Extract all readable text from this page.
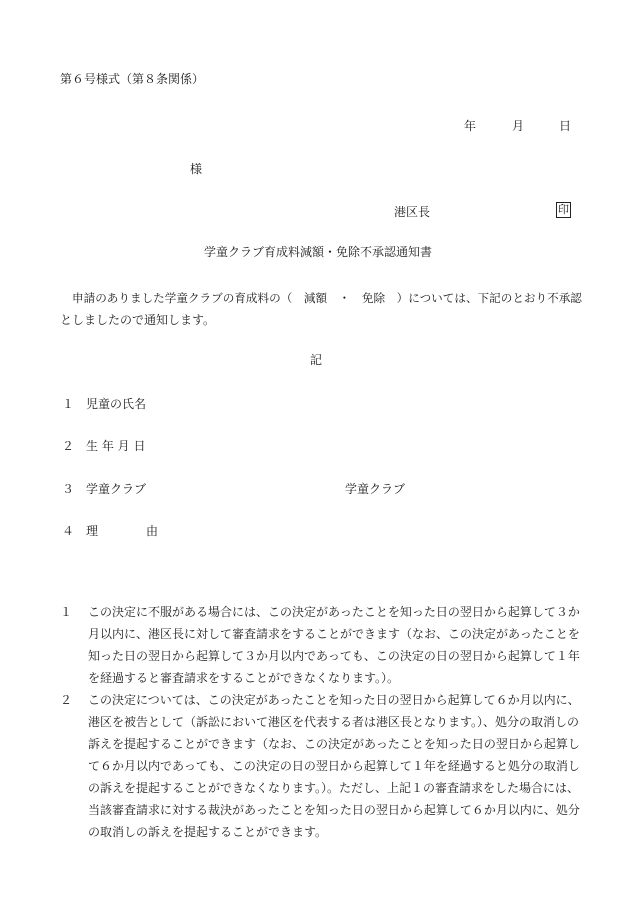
第６号様式（第８条関係）
年	月	日
様
港区長	印
学童クラブ育成料減額・免除不承認通知書
申請のありました学童クラブの育成料の（　減額　・　免除　）については、下記のとおり不承認
としましたので通知します。
記
１ 児童の氏名
２ 生 年 月 日
３ 学童クラブ	学童クラブ
４ 理　　　　由
１	この決定に不服がある場合には、この決定があったことを知った日の翌日から起算して３か月以内に、港区長に対して審査請求をすることができます（なお、この決定があったことを知った日の翌日から起算して３か月以内であっても、この決定の日の翌日から起算して１年を経過すると審査請求をすることができなくなります。）。
２	この決定については、この決定があったことを知った日の翌日から起算して６か月以内に、港区を被告として（訴訟において港区を代表する者は港区長となります。）、処分の取消しの訴えを提起することができます（なお、この決定があったことを知った日の翌日から起算して６か月以内であっても、この決定の日の翌日から起算して１年を経過すると処分の取消しの訴えを提起することができなくなります。）。ただし、上記１の審査請求をした場合には、当該審査請求に対する裁決があったことを知った日の翌日から起算して６か月以内に、処分の取消しの訴えを提起することができます。
